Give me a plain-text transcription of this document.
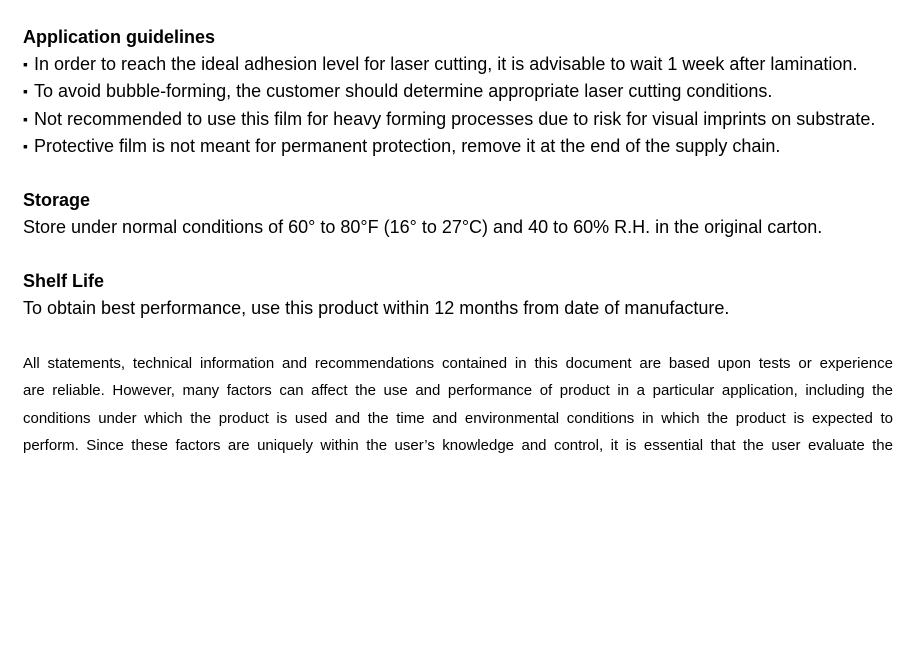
Application guidelines

▪ In order to reach the ideal adhesion level for laser cutting, it is advisable to wait 1 week after lamination.

▪ To avoid bubble-forming, the customer should determine appropriate laser cutting conditions.

▪ Not recommended to use this film for heavy forming processes due to risk for visual imprints on substrate.

▪ Protective film is not meant for permanent protection, remove it at the end of the supply chain.

Storage

Store under normal conditions of 60° to 80°F (16° to 27°C) and 40 to 60% R.H. in the original carton.

Shelf Life

To obtain best performance, use this product within 12 months from date of manufacture.

All statements, technical information and recommendations contained in this document are based upon tests or experience
are reliable. However, many factors can affect the use and performance of product in a particular application, including the
conditions under which the product is used and the time and environmental conditions in which the product is expected to
perform. Since these factors are uniquely within the user’s knowledge and control, it is essential that the user evaluate the
